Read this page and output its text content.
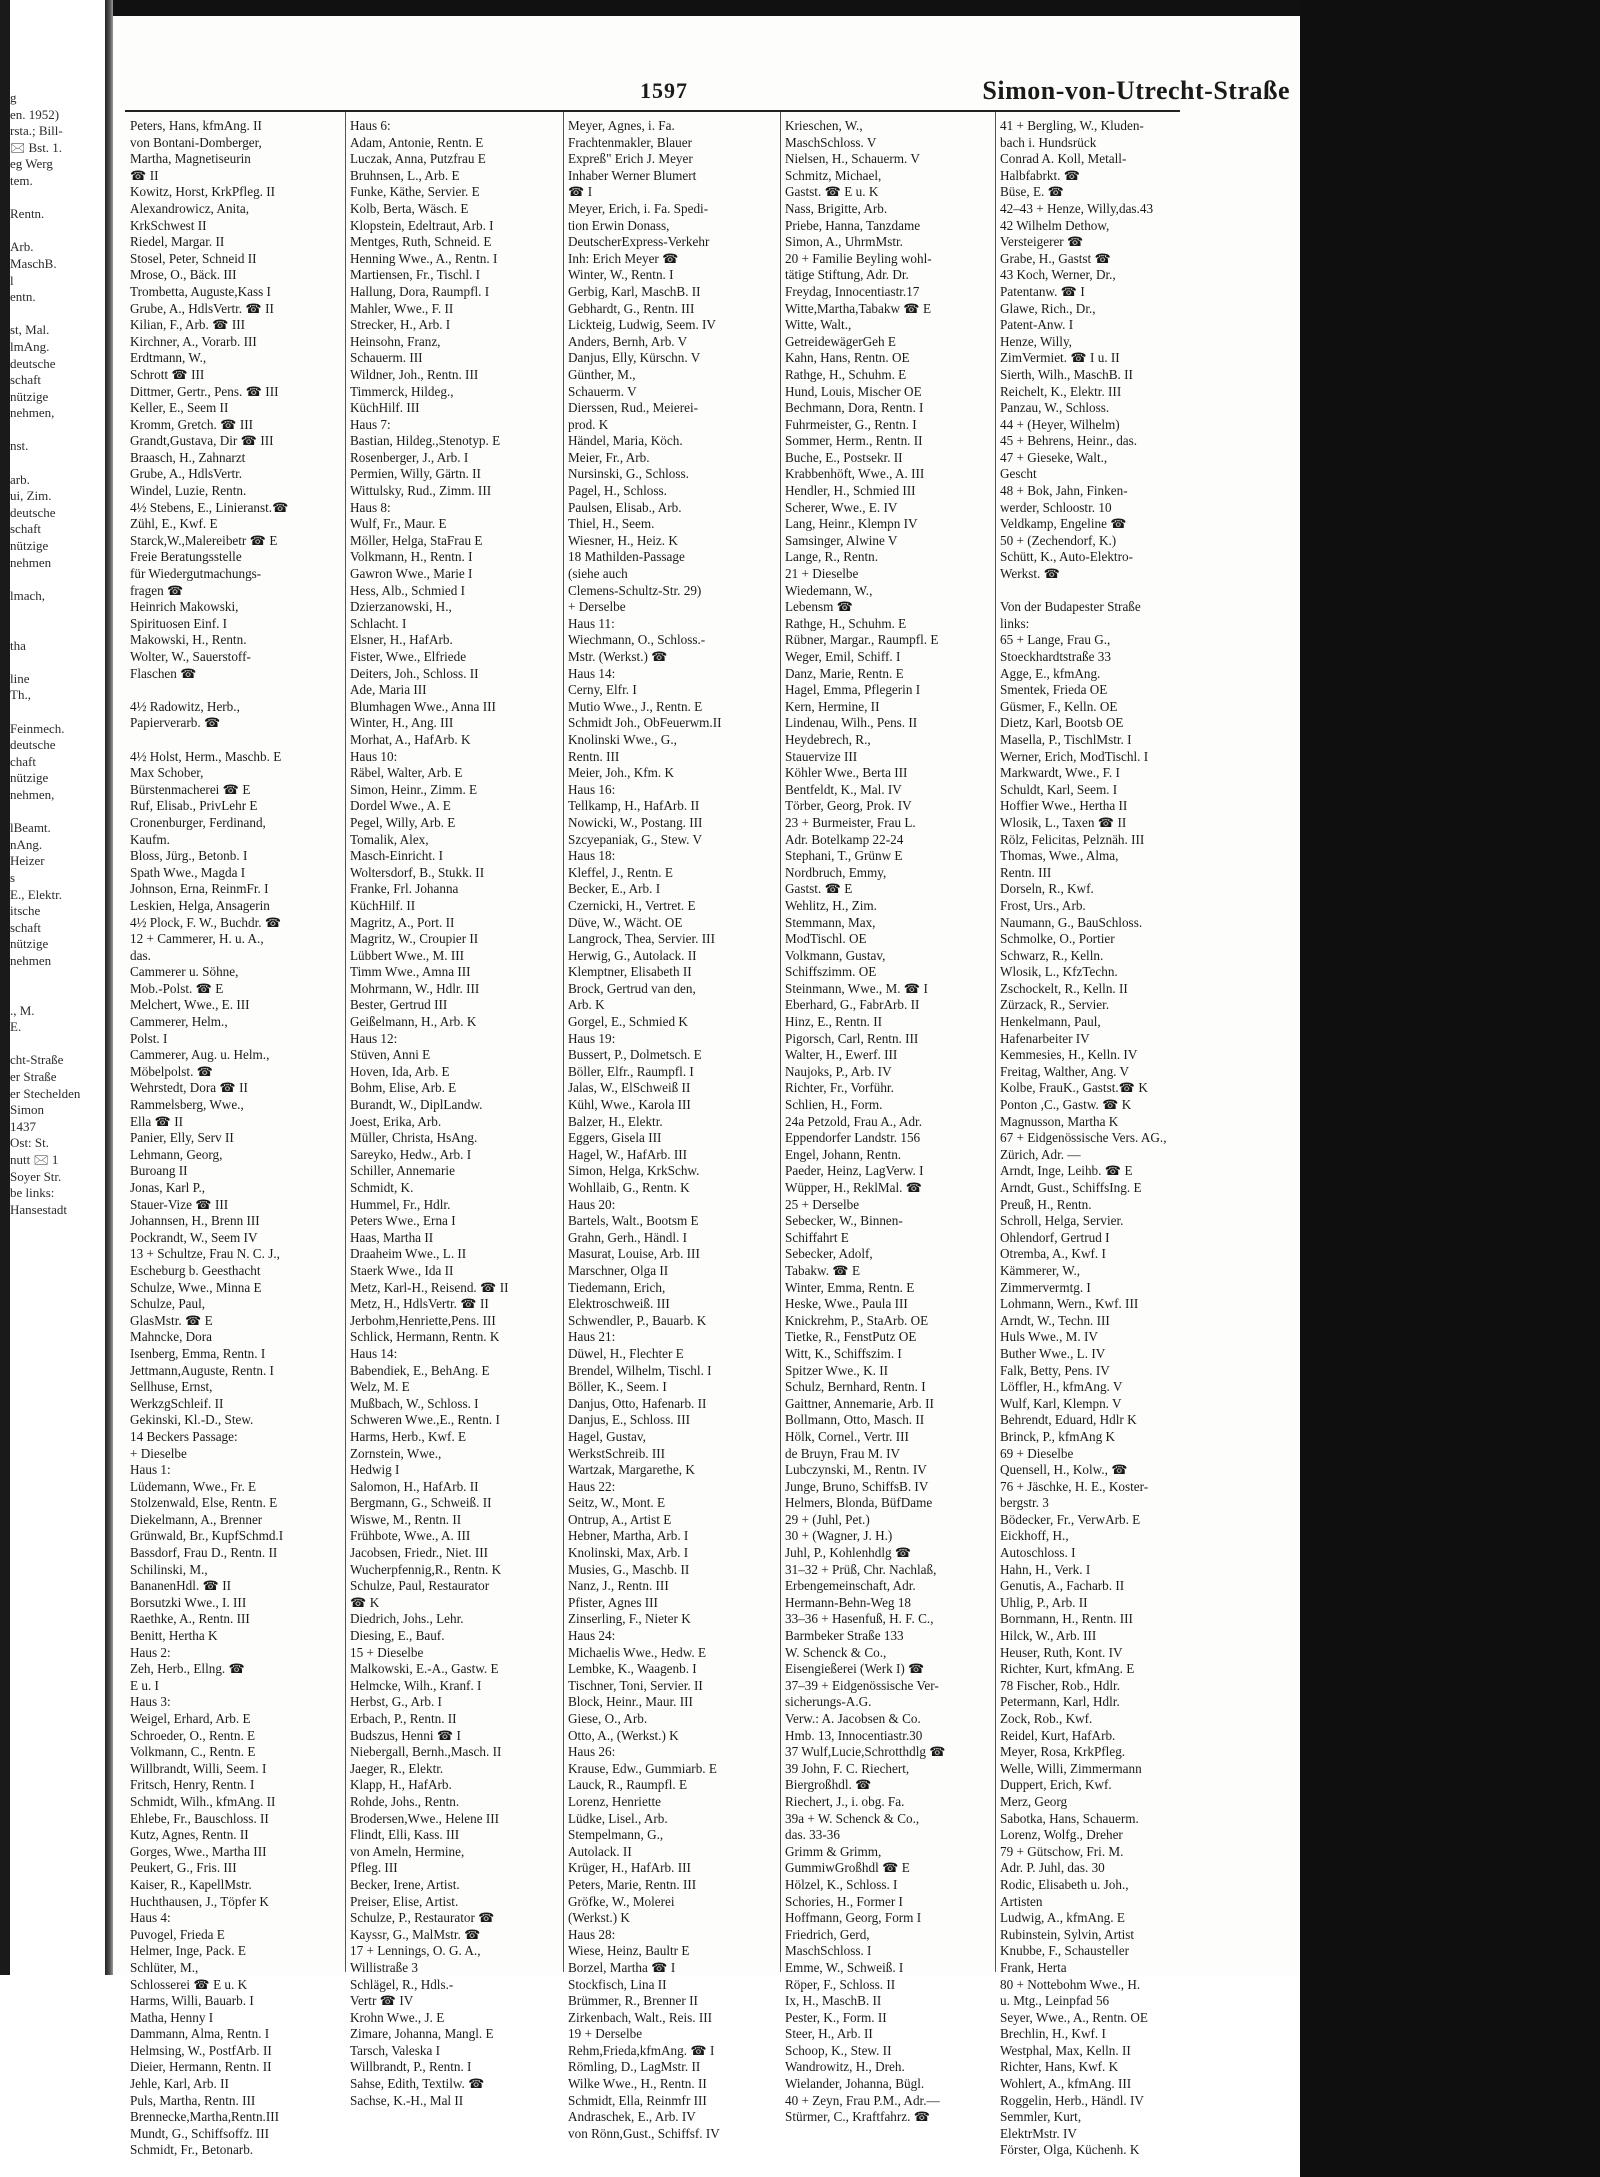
g
en. 1952)
rsta.; Bill-
🖂 Bst. 1.
eg Werg
tem.
Rentn.
Arb.
MaschB.
l
entn.
st, Mal.
lmAng.
deutsche
schaft
nützige
nehmen,
nst.
arb.
ui, Zim.
deutsche
schaft
nützige
nehmen
lmach,
tha
line
Th.,
Feinmech.
deutsche
chaft
nützige
nehmen,
lBeamt.
nAng.
Heizer
s
E., Elektr.
itsche
schaft
nützige
nehmen
., M.
E.
cht-Straße
er Straße
er Stechelden
Simon
1437
Ost: St.
nutt 🖂 1
Soyer Str.
be links:
Hansestadt
1597	Simon-von-Utrecht-Straße
Peters, Hans, kfmAng. II
von Bontani-Domberger,
Martha, Magnetiseurin
☎ II
Kowitz, Horst, KrkPfleg. II
Alexandrowicz, Anita,
KrkSchwest II
Riedel, Margar. II
Stosel, Peter, Schneid II
Mrose, O., Bäck. III
Trombetta, Auguste,Kass I
Grube, A., HdlsVertr. ☎ II
Kilian, F., Arb. ☎ III
Kirchner, A., Vorarb. III
Erdtmann, W.,
Schrott ☎ III
Dittmer, Gertr., Pens. ☎ III
Keller, E., Seem II
Kromm, Gretch. ☎ III
Grandt,Gustava, Dir ☎ III
Braasch, H., Zahnarzt
Grube, A., HdlsVertr.
Windel, Luzie, Rentn.
4½ Stebens, E., Linieranst.☎
Zühl, E., Kwf. E
Starck,W.,Malereibetr ☎ E
Freie Beratungsstelle
für Wiedergutmachungs-
fragen ☎
Heinrich Makowski,
Spirituosen Einf. I
Makowski, H., Rentn.
Wolter, W., Sauerstoff-
Flaschen ☎
4½ Radowitz, Herb.,
Papierverarb. ☎
4½ Holst, Herm., Maschb. E
Max Schober,
Bürstenmacherei ☎ E
Ruf, Elisab., PrivLehr E
Cronenburger, Ferdinand,
Kaufm.
Bloss, Jürg., Betonb. I
Spath Wwe., Magda I
Johnson, Erna, ReinmFr. I
Leskien, Helga, Ansagerin
4½ Plock, F. W., Buchdr. ☎
12 + Cammerer, H. u. A.,
das.
Cammerer u. Söhne,
Mob.-Polst. ☎ E
Melchert, Wwe., E. III
Cammerer, Helm.,
Polst. I
Cammerer, Aug. u. Helm.,
Möbelpolst. ☎
Wehrstedt, Dora ☎ II
Rammelsberg, Wwe.,
Ella ☎ II
Panier, Elly, Serv II
Lehmann, Georg,
Buroang II
Jonas, Karl P.,
Stauer-Vize ☎ III
Johannsen, H., Brenn III
Pockrandt, W., Seem IV
13 + Schultze, Frau N. C. J.,
Escheburg b. Geesthacht
Schulze, Wwe., Minna E
Schulze, Paul,
GlasMstr. ☎ E
Mahncke, Dora
Isenberg, Emma, Rentn. I
Jettmann,Auguste, Rentn. I
Sellhuse, Ernst,
WerkzgSchleif. II
Gekinski, Kl.-D., Stew.
14 Beckers Passage:
+ Dieselbe
Haus 1:
Lüdemann, Wwe., Fr. E
Stolzenwald, Else, Rentn. E
Diekelmann, A., Brenner
Grünwald, Br., KupfSchmd.I
Bassdorf, Frau D., Rentn. II
Schilinski, M.,
BananenHdl. ☎ II
Borsutzki Wwe., I. III
Raethke, A., Rentn. III
Benitt, Hertha K
Haus 2:
Zeh, Herb., Ellng. ☎
E u. I
Haus 3:
Weigel, Erhard, Arb. E
Schroeder, O., Rentn. E
Volkmann, C., Rentn. E
Willbrandt, Willi, Seem. I
Fritsch, Henry, Rentn. I
Schmidt, Wilh., kfmAng. II
Ehlebe, Fr., Bauschloss. II
Kutz, Agnes, Rentn. II
Gorges, Wwe., Martha III
Peukert, G., Fris. III
Kaiser, R., KapellMstr.
Huchthausen, J., Töpfer K
Haus 4:
Puvogel, Frieda E
Helmer, Inge, Pack. E
Schlüter, M.,
Schlosserei ☎ E u. K
Harms, Willi, Bauarb. I
Matha, Henny I
Dammann, Alma, Rentn. I
Helmsing, W., PostfArb. II
Dieier, Hermann, Rentn. II
Jehle, Karl, Arb. II
Puls, Martha, Rentn. III
Brennecke,Martha,Rentn.III
Mundt, G., Schiffsoffz. III
Schmidt, Fr., Betonarb.
Haus 6:
Adam, Antonie, Rentn. E
Luczak, Anna, Putzfrau E
Bruhnsen, L., Arb. E
Funke, Käthe, Servier. E
Kolb, Berta, Wäsch. E
Klopstein, Edeltraut, Arb. I
Mentges, Ruth, Schneid. E
Henning Wwe., A., Rentn. I
Martiensen, Fr., Tischl. I
Hallung, Dora, Raumpfl. I
Mahler, Wwe., F. II
Strecker, H., Arb. I
Heinsohn, Franz,
Schauerm. III
Wildner, Joh., Rentn. III
Timmerck, Hildeg.,
KüchHilf. III
Haus 7:
Bastian, Hildeg.,Stenotyp. E
Rosenberger, J., Arb. I
Permien, Willy, Gärtn. II
Wittulsky, Rud., Zimm. III
Haus 8:
Wulf, Fr., Maur. E
Möller, Helga, StaFrau E
Volkmann, H., Rentn. I
Gawron Wwe., Marie I
Hess, Alb., Schmied I
Dzierzanowski, H.,
Schlacht. I
Elsner, H., HafArb.
Fister, Wwe., Elfriede
Deiters, Joh., Schloss. II
Ade, Maria III
Blumhagen Wwe., Anna III
Winter, H., Ang. III
Morhat, A., HafArb. K
Haus 10:
Räbel, Walter, Arb. E
Simon, Heinr., Zimm. E
Dordel Wwe., A. E
Pegel, Willy, Arb. E
Tomalik, Alex,
Masch-Einricht. I
Woltersdorf, B., Stukk. II
Franke, Frl. Johanna
KüchHilf. II
Magritz, A., Port. II
Magritz, W., Croupier II
Lübbert Wwe., M. III
Timm Wwe., Amna III
Mohrmann, W., Hdlr. III
Bester, Gertrud III
Geißelmann, H., Arb. K
Haus 12:
Stüven, Anni E
Hoven, Ida, Arb. E
Bohm, Elise, Arb. E
Burandt, W., DiplLandw.
Joest, Erika, Arb.
Müller, Christa, HsAng.
Sareyko, Hedw., Arb. I
Schiller, Annemarie
Schmidt, K.
Hummel, Fr., Hdlr.
Peters Wwe., Erna I
Haas, Martha II
Draaheim Wwe., L. II
Staerk Wwe., Ida II
Metz, Karl-H., Reisend. ☎ II
Metz, H., HdlsVertr. ☎ II
Jerbohm,Henriette,Pens. III
Schlick, Hermann, Rentn. K
Haus 14:
Babendiek, E., BehAng. E
Welz, M. E
Mußbach, W., Schloss. I
Schweren Wwe.,E., Rentn. I
Harms, Herb., Kwf. E
Zornstein, Wwe.,
Hedwig I
Salomon, H., HafArb. II
Bergmann, G., Schweiß. II
Wiswe, M., Rentn. II
Frühbote, Wwe., A. III
Jacobsen, Friedr., Niet. III
Wucherpfennig,R., Rentn. K
Schulze, Paul, Restaurator
☎ K
Diedrich, Johs., Lehr.
Diesing, E., Bauf.
15 + Dieselbe
Malkowski, E.-A., Gastw. E
Helmcke, Wilh., Kranf. I
Herbst, G., Arb. I
Erbach, P., Rentn. II
Budszus, Henni ☎ I
Niebergall, Bernh.,Masch. II
Jaeger, R., Elektr.
Klapp, H., HafArb.
Rohde, Johs., Rentn.
Brodersen,Wwe., Helene III
Flindt, Elli, Kass. III
von Ameln, Hermine,
Pfleg. III
Becker, Irene, Artist.
Preiser, Elise, Artist.
Schulze, P., Restaurator ☎
Kayssr, G., MalMstr. ☎
17 + Lennings, O. G. A.,
Willistraße 3
Schlägel, R., Hdls.-
Vertr ☎ IV
Krohn Wwe., J. E
Zimare, Johanna, Mangl. E
Tarsch, Valeska I
Willbrandt, P., Rentn. I
Sahse, Edith, Textilw. ☎
Sachse, K.-H., Mal II
Meyer, Agnes, i. Fa.
Frachtenmakler, Blauer
Expreß" Erich J. Meyer
Inhaber Werner Blumert
☎ I
Meyer, Erich, i. Fa. Spedi-
tion Erwin Donass,
DeutscherExpress-Verkehr
Inh: Erich Meyer ☎
Winter, W., Rentn. I
Gerbig, Karl, MaschB. II
Gebhardt, G., Rentn. III
Lickteig, Ludwig, Seem. IV
Anders, Bernh, Arb. V
Danjus, Elly, Kürschn. V
Günther, M.,
Schauerm. V
Dierssen, Rud., Meierei-
prod. K
Händel, Maria, Köch.
Meier, Fr., Arb.
Nursinski, G., Schloss.
Pagel, H., Schloss.
Paulsen, Elisab., Arb.
Thiel, H., Seem.
Wiesner, H., Heiz. K
18 Mathilden-Passage
(siehe auch
Clemens-Schultz-Str. 29)
+ Derselbe
Haus 11:
Wiechmann, O., Schloss.-
Mstr. (Werkst.) ☎
Haus 14:
Cerny, Elfr. I
Mutio Wwe., J., Rentn. E
Schmidt Joh., ObFeuerwm.II
Knolinski Wwe., G.,
Rentn. III
Meier, Joh., Kfm. K
Haus 16:
Tellkamp, H., HafArb. II
Nowicki, W., Postang. III
Szcyepaniak, G., Stew. V
Haus 18:
Kleffel, J., Rentn. E
Becker, E., Arb. I
Czernicki, H., Vertret. E
Düve, W., Wächt. OE
Langrock, Thea, Servier. III
Herwig, G., Autolack. II
Klemptner, Elisabeth II
Brock, Gertrud van den,
Arb. K
Gorgel, E., Schmied K
Haus 19:
Bussert, P., Dolmetsch. E
Böller, Elfr., Raumpfl. I
Jalas, W., ElSchweiß II
Kühl, Wwe., Karola III
Balzer, H., Elektr.
Eggers, Gisela III
Hagel, W., HafArb. III
Simon, Helga, KrkSchw.
Wohllaib, G., Rentn. K
Haus 20:
Bartels, Walt., Bootsm E
Grahn, Gerh., Händl. I
Masurat, Louise, Arb. III
Marschner, Olga II
Tiedemann, Erich,
Elektroschweiß. III
Schwendler, P., Bauarb. K
Haus 21:
Düwel, H., Flechter E
Brendel, Wilhelm, Tischl. I
Böller, K., Seem. I
Danjus, Otto, Hafenarb. II
Danjus, E., Schloss. III
Hagel, Gustav,
WerkstSchreib. III
Wartzak, Margarethe, K
Haus 22:
Seitz, W., Mont. E
Ontrup, A., Artist E
Hebner, Martha, Arb. I
Knolinski, Max, Arb. I
Musies, G., Maschb. II
Nanz, J., Rentn. III
Pfister, Agnes III
Zinserling, F., Nieter K
Haus 24:
Michaelis Wwe., Hedw. E
Lembke, K., Waagenb. I
Tischner, Toni, Servier. II
Block, Heinr., Maur. III
Giese, O., Arb.
Otto, A., (Werkst.) K
Haus 26:
Krause, Edw., Gummiarb. E
Lauck, R., Raumpfl. E
Lorenz, Henriette
Lüdke, Lisel., Arb.
Stempelmann, G.,
Autolack. II
Krüger, H., HafArb. III
Peters, Marie, Rentn. III
Gröfke, W., Molerei
(Werkst.) K
Haus 28:
Wiese, Heinz, Baultr E
Borzel, Martha ☎ I
Stockfisch, Lina II
Brümmer, R., Brenner II
Zirkenbach, Walt., Reis. III
19 + Derselbe
Rehm,Frieda,kfmAng. ☎ I
Römling, D., LagMstr. II
Wilke Wwe., H., Rentn. II
Schmidt, Ella, Reinmfr III
Andraschek, E., Arb. IV
von Rönn,Gust., Schiffsf. IV
Krieschen, W.,
MaschSchloss. V
Nielsen, H., Schauerm. V
Schmitz, Michael,
Gastst. ☎ E u. K
Nass, Brigitte, Arb.
Priebe, Hanna, Tanzdame
Simon, A., UhrmMstr.
20 + Familie Beyling wohl-
tätige Stiftung, Adr. Dr.
Freydag, Innocentiastr.17
Witte,Martha,Tabakw ☎ E
Witte, Walt.,
GetreidewägerGeh E
Kahn, Hans, Rentn. OE
Rathge, H., Schuhm. E
Hund, Louis, Mischer OE
Bechmann, Dora, Rentn. I
Fuhrmeister, G., Rentn. I
Sommer, Herm., Rentn. II
Buche, E., Postsekr. II
Krabbenhöft, Wwe., A. III
Hendler, H., Schmied III
Scherer, Wwe., E. IV
Lang, Heinr., Klempn IV
Samsinger, Alwine V
Lange, R., Rentn.
21 + Dieselbe
Wiedemann, W.,
Lebensm ☎
Rathge, H., Schuhm. E
Rübner, Margar., Raumpfl. E
Weger, Emil, Schiff. I
Danz, Marie, Rentn. E
Hagel, Emma, Pflegerin I
Kern, Hermine, II
Lindenau, Wilh., Pens. II
Heydebrech, R.,
Stauervize III
Köhler Wwe., Berta III
Bentfeldt, K., Mal. IV
Törber, Georg, Prok. IV
23 + Burmeister, Frau L.
Adr. Botelkamp 22-24
Stephani, T., Grünw E
Nordbruch, Emmy,
Gastst. ☎ E
Wehlitz, H., Zim.
Stemmann, Max,
ModTischl. OE
Volkmann, Gustav,
Schiffszimm. OE
Steinmann, Wwe., M. ☎ I
Eberhard, G., FabrArb. II
Hinz, E., Rentn. II
Pigorsch, Carl, Rentn. III
Walter, H., Ewerf. III
Naujoks, P., Arb. IV
Richter, Fr., Vorführ.
Schlien, H., Form.
24a Petzold, Frau A., Adr.
Eppendorfer Landstr. 156
Engel, Johann, Rentn.
Paeder, Heinz, LagVerw. I
Wüpper, H., ReklMal. ☎
25 + Derselbe
Sebecker, W., Binnen-
Schiffahrt E
Sebecker, Adolf,
Tabakw. ☎ E
Winter, Emma, Rentn. E
Heske, Wwe., Paula III
Knickrehm, P., StaArb. OE
Tietke, R., FenstPutz OE
Witt, K., Schiffszim. I
Spitzer Wwe., K. II
Schulz, Bernhard, Rentn. I
Gaittner, Annemarie, Arb. II
Bollmann, Otto, Masch. II
Hölk, Cornel., Vertr. III
de Bruyn, Frau M. IV
Lubczynski, M., Rentn. IV
Junge, Bruno, SchiffsB. IV
Helmers, Blonda, BüfDame
29 + (Juhl, Pet.)
30 + (Wagner, J. H.)
Juhl, P., Kohlenhdlg ☎
31–32 + Prüß, Chr. Nachlaß,
Erbengemeinschaft, Adr.
Hermann-Behn-Weg 18
33–36 + Hasenfuß, H. F. C.,
Barmbeker Straße 133
W. Schenck & Co.,
Eisengießerei (Werk I) ☎
37–39 + Eidgenössische Ver-
sicherungs-A.G.
Verw.: A. Jacobsen & Co.
Hmb. 13, Innocentiastr.30
37 Wulf,Lucie,Schrotthdlg ☎
39 John, F. C. Riechert,
Biergroßhdl. ☎
Riechert, J., i. obg. Fa.
39a + W. Schenck & Co.,
das. 33-36
Grimm & Grimm,
GummiwGroßhdl ☎ E
Hölzel, K., Schloss. I
Schories, H., Former I
Hoffmann, Georg, Form I
Friedrich, Gerd,
MaschSchloss. I
Emme, W., Schweiß. I
Röper, F., Schloss. II
Ix, H., MaschB. II
Pester, K., Form. II
Steer, H., Arb. II
Schoop, K., Stew. II
Wandrowitz, H., Dreh.
Wielander, Johanna, Bügl.
40 + Zeyn, Frau P.M., Adr.—
Stürmer, C., Kraftfahrz. ☎
41 + Bergling, W., Kluden-
bach i. Hundsrück
Conrad A. Koll, Metall-
Halbfabrkt. ☎
Büse, E. ☎
42–43 + Henze, Willy,das.43
42 Wilhelm Dethow,
Versteigerer ☎
Grabe, H., Gastst ☎
43 Koch, Werner, Dr.,
Patentanw. ☎ I
Glawe, Rich., Dr.,
Patent-Anw. I
Henze, Willy,
ZimVermiet. ☎ I u. II
Sierth, Wilh., MaschB. II
Reichelt, K., Elektr. III
Panzau, W., Schloss.
44 + (Heyer, Wilhelm)
45 + Behrens, Heinr., das.
47 + Gieseke, Walt.,
Gescht
48 + Bok, Jahn, Finken-
werder, Schloostr. 10
Veldkamp, Engeline ☎
50 + (Zechendorf, K.)
Schütt, K., Auto-Elektro-
Werkst. ☎
Von der Budapester Straße
links:
65 + Lange, Frau G.,
Stoeckhardtstraße 33
Agge, E., kfmAng.
Smentek, Frieda OE
Güsmer, F., Kelln. OE
Dietz, Karl, Bootsb OE
Masella, P., TischlMstr. I
Werner, Erich, ModTischl. I
Markwardt, Wwe., F. I
Schuldt, Karl, Seem. I
Hoffier Wwe., Hertha II
Wlosik, L., Taxen ☎ II
Rölz, Felicitas, Pelznäh. III
Thomas, Wwe., Alma,
Rentn. III
Dorseln, R., Kwf.
Frost, Urs., Arb.
Naumann, G., BauSchloss.
Schmolke, O., Portier
Schwarz, R., Kelln.
Wlosik, L., KfzTechn.
Zschockelt, R., Kelln. II
Zürzack, R., Servier.
Henkelmann, Paul,
Hafenarbeiter IV
Kemmesies, H., Kelln. IV
Freitag, Walther, Ang. V
Kolbe, FrauK., Gastst.☎ K
Ponton ,C., Gastw. ☎ K
Magnusson, Martha K
67 + Eidgenössische Vers. AG.,
Zürich, Adr. —
Arndt, Inge, Leihb. ☎ E
Arndt, Gust., SchiffsIng. E
Preuß, H., Rentn.
Schroll, Helga, Servier.
Ohlendorf, Gertrud I
Otremba, A., Kwf. I
Kämmerer, W.,
Zimmervermtg. I
Lohmann, Wern., Kwf. III
Arndt, W., Techn. III
Huls Wwe., M. IV
Buther Wwe., L. IV
Falk, Betty, Pens. IV
Löffler, H., kfmAng. V
Wulf, Karl, Klempn. V
Behrendt, Eduard, Hdlr K
Brinck, P., kfmAng K
69 + Dieselbe
Quensell, H., Kolw., ☎
76 + Jäschke, H. E., Koster-
bergstr. 3
Bödecker, Fr., VerwArb. E
Eickhoff, H.,
Autoschloss. I
Hahn, H., Verk. I
Genutis, A., Facharb. II
Uhlig, P., Arb. II
Bornmann, H., Rentn. III
Hilck, W., Arb. III
Heuser, Ruth, Kont. IV
Richter, Kurt, kfmAng. E
78 Fischer, Rob., Hdlr.
Petermann, Karl, Hdlr.
Zock, Rob., Kwf.
Reidel, Kurt, HafArb.
Meyer, Rosa, KrkPfleg.
Welle, Willi, Zimmermann
Duppert, Erich, Kwf.
Merz, Georg
Sabotka, Hans, Schauerm.
Lorenz, Wolfg., Dreher
79 + Gütschow, Fri. M.
Adr. P. Juhl, das. 30
Rodic, Elisabeth u. Joh.,
Artisten
Ludwig, A., kfmAng. E
Rubinstein, Sylvin, Artist
Knubbe, F., Schausteller
Frank, Herta
80 + Nottebohm Wwe., H.
u. Mtg., Leinpfad 56
Seyer, Wwe., A., Rentn. OE
Brechlin, H., Kwf. I
Westphal, Max, Kelln. II
Richter, Hans, Kwf. K
Wohlert, A., kfmAng. III
Roggelin, Herb., Händl. IV
Semmler, Kurt,
ElektrMstr. IV
Förster, Olga, Küchenh. K
